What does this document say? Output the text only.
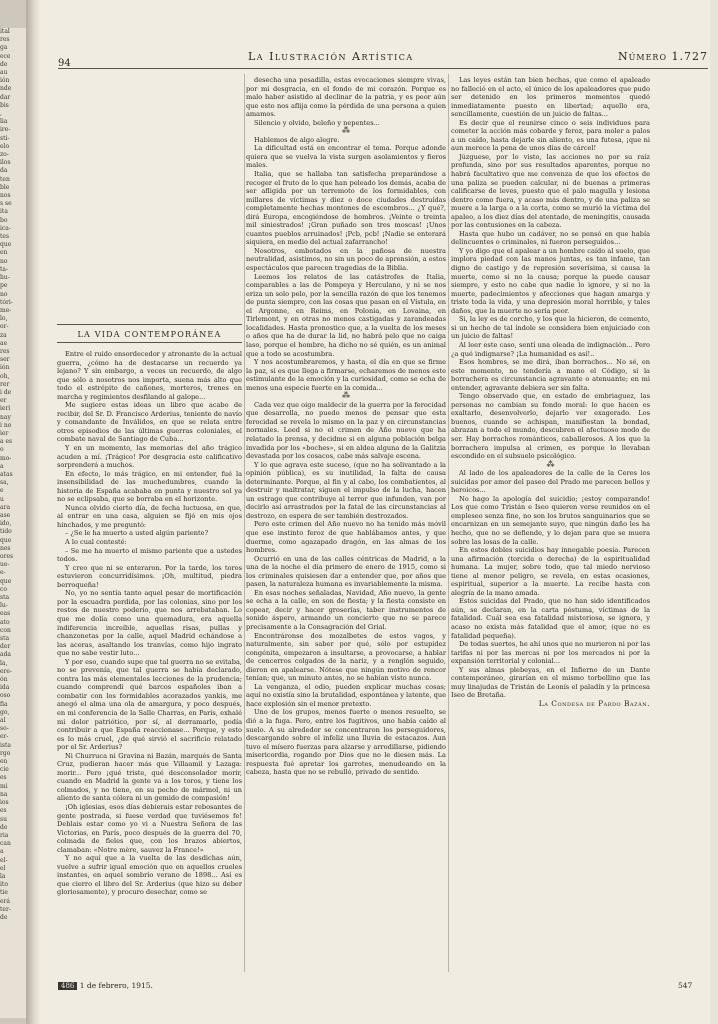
ital
res
ga
ece
de
au
ión
nde
dar
bis
,
lia
ire-
sti-
elo
zo-
ilos
da
ten
ble
nos
s se
ita
bo
ica-
tes
que
en
no
ta-
hu-
pe
no
tóri-
me-
lo,
or-
za
ae
res
ser
ión
oh,
rer
i de
er
ieri
nay
i no
ier
a es
o
mo-
a
atas
sa,
e
u
ara
ase
ido,
tido
que
nes
ores
ue-
e-
que
co
sta
lu-
eas
ato
con
sta
der
ada
la,
ere-
ón
ida
oso
fia
go,
al
so-
er-
ista
rgo
en
cie
es
mi
na
ios
es
su
de
ria
can
a
el-
el
la
ito
tie
erá
ter-
de
94
La Ilustración Artística	Número 1.727
LA VIDA CONTEMPORÁNEA

Entre el ruido ensordecedor y atronante de la actual guerra, ¿cómo ha de destacarse un recuerdo ya lejano? Y sin embargo, a veces un recuerdo, de algo que sólo a nosotros nos importa, suena más alto que todo el estrépito de cañones, morteros, trenes en marcha y regimientos desfilando al galope...

Me sugiere estas ideas un libro que acabo de recibir, del Sr. D. Francisco Arderius, teniente de navío y comandante de Inválidos, en que se relata entre otros episodios de las últimas guerras coloniales, el combate naval de Santiago de Cuba...

Y en un momento, las memorias del año trágico acuden a mí. ¡Trágico! Por desgracia este calificativo sorprenderá a muchos.

En efecto, lo más trágico, en mi entender, fué la insensibilidad de las muchedumbres, cuando la historia de España acababa en punta y nuestro sol ya no se eclipsaba, que se borraba en el horizonte.

Nunca olvido cierto día, de fecha luctuosa, en que, al entrar en una casa, alguien se fijó en mis ojos hinchados, y me preguntó:

– ¿Se le ha muerto a usted algún pariente?

A lo cual contesté:

– Se me ha muerto el mismo pariente que a ustedes todos.

Y creo que ni se enteraron. Por la tarde, los toros estuvieron concurridísimos. ¡Oh, multitud, piedra berroqueña!

No, yo no sentía tanto aquel pesar de mortificación por la escuadra perdida, por las colonias, sino por los restos de nuestro poderío, que nos arrebataban. Lo que me dolía como una quemadura, era aquella indiferencia increíble, aquellas risas, pullas y chanzonetas por la calle, aquel Madrid echándose a las aceras, asaltando los tranvías, como hijo ingrato que no sabe vestir luto...

Y por eso, cuando supe que tal guerra no se evitaba, no se prevenía, que tal guerra se había declarado, contra las más elementales lecciones de la prudencia; cuando comprendí qué barcos españoles iban a combatir con los formidables acorazados yankis, me anegó el alma una ola de amargura, y poco después, en mi conferencia de la Salle Charras, en París, exhalé mi dolor patriótico, por sí, al derramarlo, podía contribuir a que España reaccionase... Porque, y esto es lo más cruel, ¿de qué sirvió el sacrificio relatado por el Sr. Arderius?

Ni Churruca ni Gravina ni Bazán, marqués de Santa Cruz, pudieran hacer más que Villaamil y Lazaga: morir... Pero ¡qué triste, qué desconsolador morir, cuando en Madrid la gente va a los toros, y tiene los colmados, y no tiene, en su pecho de mármol, ni un aliento de santa cólera ni un gemido de compasión!

¡Oh iglesias, esos días debierais estar rebosantes de gente postrada, si fuese verdad que tuviésemos fe! Deblais estar como yo vi a Nuestra Señora de las Victorias, en París, poco después de la guerra del 70, colmada de fieles que, con los brazos abiertos, clamaban: «Notre mère, sauvez la France!»

Y no aquí que a la vuelta de las desdichas aún, vuelve a sufrir igual emoción que en aquellos crueles instantes, en aquel sombrío verano de 1898... Así es que cierro el libro del Sr. Arderius (que hizo su deber gloriosamente), y procuro desechar, como se

desecha una pesadilla, estas evocaciones siempre vivas, por mi desgracia, en el fondo de mi corazón. Porque es malo haber asistido al declinar de la patria, y es peor aún que esto nos aflija como la pérdida de una persona a quien amamos.

Silencio y olvido, beleño y nepentes...

⁂

Hablemos de algo alegre.

La dificultad está en encontrar el tema. Porque adonde quiera que se vuelva la vista surgen asolamientos y fieros males.

Italia, que se hallaba tan satisfecha preparándose a recoger el fruto de lo que han peleado los demás, acaba de ser afligida por un terremoto de los formidables, con millares de víctimas y diez o doce ciudades destruídas completamente hechas montones de escombros... ¿Y qué?, dirá Europa, encogiéndose de hombros. ¡Veinte o treinta mil siniestrados! ¡Gran puñado son tres moscas! ¡Unos cuantos pueblos arruinados! ¡Pcb, pcb! ¡Nadie se enterará siquiera, en medio del actual zafarrancho!

Nosotros, embotados en la pañosa de nuestra neutralidad, asistimos, no sin un poco de aprensión, a estos espectáculos que parecen tragedias de la Biblia.

Leemos los relatos de las catástrofes de Italia, comparables a las de Pompeya y Herculano, y ni se nos eriza un solo pelo, por la sencilla razón de que los tenemos de punta siempre, con las cosas que pasan en el Vístula, en el Argonne, en Reims, en Polonia, en Lovaina, en Tirlemont, y en otras no menos castigadas y zarandeadas localidades. Hasta pronostico que, a la vuelta de los meses o años que ha de durar la lid, no habrá pelo que no caiga laso, porque el hombre, ha dicho no sé quién, es un animal que a todo se acostumbra.

Y nos acostumbraremos, y hasta, el día en que se firme la paz, si es que llega a firmarse, echaremos de menos este estimulante de la emoción y la curiosidad, como se echa de menos una especie fuerte en la comida...

⁂

Cada vez que oigo maldecir de la guerra por la ferocidad que desarrolla, no puedo menos de pensar que esta ferocidad se revela lo mismo en la paz y en circunstancias normales. Leed si no el crimen de Año nuevo que ha relatado la prensa, y decidme si en alguna población belga invadida por los «boches», si en aldea alguna de la Galitzia devastada por los cosacos, cabe más salvaje escena.

Y lo que agrava este suceso, (que no ha solivantado a la opinión pública), es su inutilidad, la falta de causa determinante. Porque, al fin y al cabo, los combatientes, al destruir y maltratar, siguen el impulso de la lucha, hacen un estrago que contribuye al terror que infunden, van por decirlo así arrastrados por la fatal de las circunstancias al destrozo, en espera de ser también destrozados.

Pero este crimen del Año nuevo no ha tenido más móvil que ese instinto feroz de que hablábamos antes, y que duerme, como agazapado dragón, en las almas de los hombres.

Ocurrió en una de las calles céntricas de Madrid, a la una de la noche el día primero de enero de 1915, como si los criminales quisiesen dar a entender que, por años que pasen, la naturaleza humana es invariablemente la misma.

En esas noches señaladas, Navidad, Año nuevo, la gente se echa a la calle, en son de fiesta; y la fiesta consiste en copear, decir y hacer groserías, taber instrumentos de sonido áspero, armando un concierto que no se parece precisamente a la Consagración del Grial.

Encontráronse dos mozalbetes de estos vagos, y naturalmente, sin saber por qué, sólo por estupidez congénita, empezaron a insultarse, a provocarse, a hablar de cencerros colgados de la nariz, y a renglón seguido, dieron en apalearse. Nótese que ningún motivo de rencor tenían; que, un minuto antes, no se habían visto nunca.

La venganza, el odio, pueden explicar muchas cosas; aquí no existía sino la brutalidad, espontánea y latente, que hace explosión sin el menor pretexto.

Uno de los grupos, menos fuerte o menos resuelto, se dió a la fuga. Pero, entre los fugitivos, uno había caído al suelo. A su alrededor se concentraron los perseguidores, descargando sobre el infeliz una lluvia de estacazos. Aun tuvo el mísero fuerzas para alzarse y arrodillarse, pidiendo misericordia, rogando por Dios que no le diesen más. La respuesta fué apretar los garrotes, menudeando en la cabeza, hasta que no se rebulló, privado de sentido.

Las leyes están tan bien hechas, que como el apaleado no falleció en el acto, el único de los apaleadores que pudo ser detenido en los primeros momentos quedó inmediatamente puesto en libertad; aquello era, sencillamente, cuestión de un juicio de faltas...

Es decir que el reunirse cinco o seis individuos para cometer la acción más cobarde y feroz, para moler a palos a un caído, hasta dejarle sin aliento, es una futesa, ¡que ni aun merece la pena de unos días de cárcel!

Júzguese, por lo visto, las acciones no por su raíz profunda, sino por sus resultados aparentes, porque no habrá facultativo que me convenza de que los efectos de una paliza se pueden calcular, ni de buenas a primeras calificarse de leves, puesto que el palo magulla y lesiona dentro como fuera, y acaso más dentro, y de una paliza se muere a la larga o a la corta, como se murió la víctima del apaleo, a los diez días del atentado, de meningitis, causada por las contusiones en la cabeza.

Hasta que hubo un cadáver, no se pensó en que había delincuentes o criminales, ni fueron perseguidos...

Y yo digo que el apalear a un hombre caído al suelo, que implora piedad con las manos juntas, es tan infame, tan digno de castigo y de represión severísima, si causa la muerte, como si no la causa; porque la puede causar siempre, y esto no cabe que nadie lo ignore, y si no la muerte, padecimientos y afecciones que hagan amarga y triste toda la vida, y una depresión moral horrible, y tales daños, que la muerte no sería peor.

Si, la ley es de corcho, y los que la hicieron, de cemento, si un hecho de tal índole se considera bien enjuiciado con un juicio de faltas!

Al leer este caso, sentí una oleada de indignación... Pero ¿a qué indignarse? ¡La humanidad es así!..

Esos hombres, se me dirá, iban borrachos... No sé, en este momento, no tendería a mano el Código, si la borrachera es circunstancia agravante o atenuante; en mi entender, agravante debiera ser sin falta.

Tengo observado que, en estado de embriaguez, las personas no cambian su fondo moral: lo que hacen es exaltarlo, desenvolverlo, dejarlo ver exagerado. Los buenos, cuando se achispan, manifiestan la bondad, abrazan a todo el mundo, descubren el afectuoso modo de ser. Hay borrachos románticos, caballerosos. A los que la borrachera impulsa al crimen, es porque lo llevaban escondido en el subsuelo psicológico.

⁂

Al lado de los apaleadores de la calle de la Ceres los suicidas por amor del paseo del Prado me parecen bellos y heroicos...

No hago la apología del suicidio; ¡estoy comparando! Los que como Tristán e Iseo quieren verse reunidos en el empleseo senza fine, no son los brutos sanguinarios que se encarnizan en un semejante suyo, que ningún daño les ha hecho, que no se defiende, y lo dejan para que se muera sobre las losas de la calle.

En estos dobles suicidios hay innegable poesía. Parecen una afirmación (torcida o derecha) de la espiritualidad humana. La mujer, sobre todo, que tal miedo nervioso tiene al menor peligro, se revela, en estas ocasiones, espiritual, superior a la muerte. La recibe hasta con alegría de la mano amada.

Estos suicidas del Prado, que no han sido identificados aún, se declaran, en la carta póstuma, víctimas de la fatalidad. Cuál sea esa fatalidad misteriosa, se ignora, y acaso no exista más fatalidad que el amor, (que no es fatalidad pequeña).

De todas suertes, he ahí unos que no murieron ni por las tarifas ni por las mercas ni por los mercados ni por la expansión territorial y colonial...

Y sus almas plebeyas, en el Infierno de un Dante contemporáneo, girarían en el mismo torbellino que las muy linajudas de Tristán de Leonís el paladín y la princesa Iseo de Bretaña.

La Condesa de Pardo Bazán.

486 1 de febrero, 1915.	547
